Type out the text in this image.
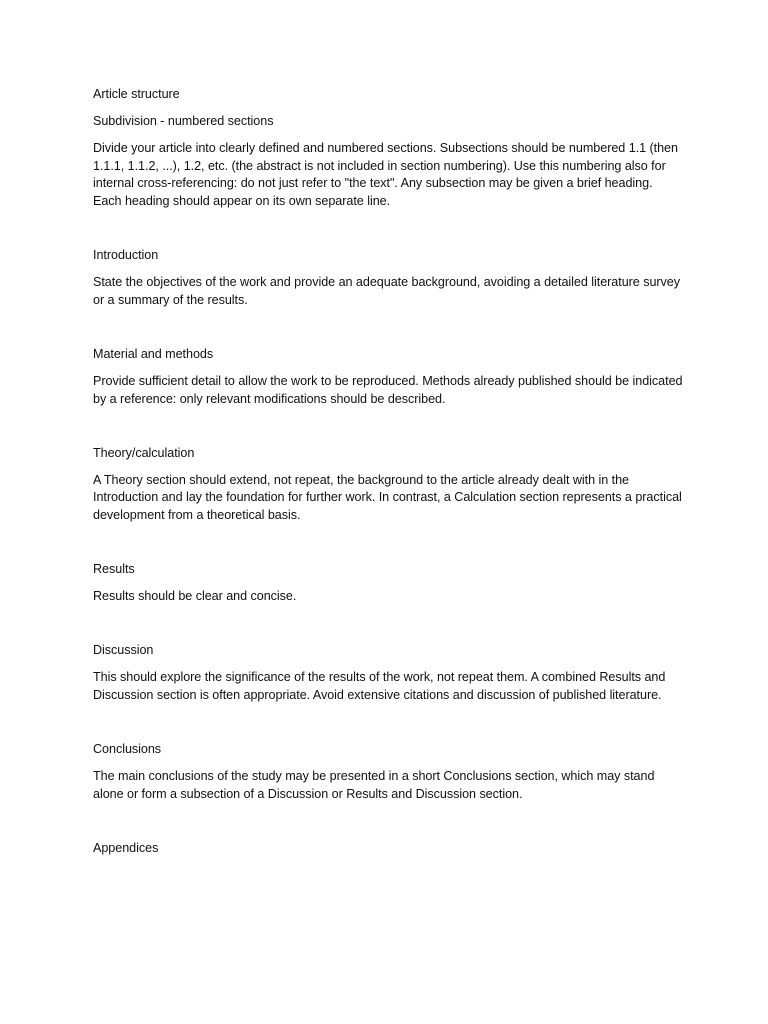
Article structure
Subdivision - numbered sections
Divide your article into clearly defined and numbered sections. Subsections should be numbered 1.1 (then 1.1.1, 1.1.2, ...), 1.2, etc. (the abstract is not included in section numbering). Use this numbering also for internal cross-referencing: do not just refer to "the text". Any subsection may be given a brief heading. Each heading should appear on its own separate line.
Introduction
State the objectives of the work and provide an adequate background, avoiding a detailed literature survey or a summary of the results.
Material and methods
Provide sufficient detail to allow the work to be reproduced. Methods already published should be indicated by a reference: only relevant modifications should be described.
Theory/calculation
A Theory section should extend, not repeat, the background to the article already dealt with in the Introduction and lay the foundation for further work. In contrast, a Calculation section represents a practical development from a theoretical basis.
Results
Results should be clear and concise.
Discussion
This should explore the significance of the results of the work, not repeat them. A combined Results and Discussion section is often appropriate. Avoid extensive citations and discussion of published literature.
Conclusions
The main conclusions of the study may be presented in a short Conclusions section, which may stand alone or form a subsection of a Discussion or Results and Discussion section.
Appendices
